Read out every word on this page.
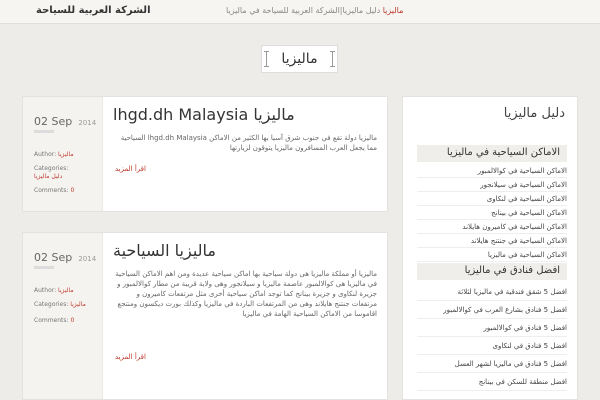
الشركة العربية للسياحة	ماليزيا دليل ماليزيا|الشركة العربية للسياحة في ماليزيا
ماليزيا
02 Sep 2014
Author: ماليزيا
Categories:
دليل ماليزيا
Comments: 0
lhgd.dh Malaysia ماليزيا
ماليزيا دولة تقع في جنوب شرق آسيا بها الكثير من الاماكن lhgd.dh Malaysia السياحية مما يجعل العرب المسافرون ماليزيا يتوقون لزيارتها
اقرأ المزيد
02 Sep 2014
Author: ماليزيا
Categories: ماليزيا
Comments: 0
ماليزيا السياحية
ماليزيا أو مملكة ماليزيا هى دولة سياحية بها اماكن سياحية عديدة ومن اهم الاماكن السياحية في ماليزيا هى كوالالمبور عاصمة ماليزيا و سيلانجور وهى ولاية قريبة من مطار كوالالمبور و جزيرة لنكاوى و جزيرة بينانج كما توجد اماكن سياحية أخرى مثل مرتفعات كاميرون و مرتفعات جنتنج هايلاند وهى من المرتفعات الباردة في ماليزيا وكذلك بورت ديكسون ومنتجع اقاموسا من الاماكن السياحية الهامة في ماليزيا
اقرأ المزيد
دليل ماليزيا
الاماكن السياحية في ماليزيا
الاماكن السياحية في كوالالمبور
الاماكن السياحية في سيلانجور
الاماكن السياحية في لنكاوى
الاماكن السياحية في بينانج
الاماكن السياحية في كاميرون هايلاند
الاماكن السياحية في جنتنج هايلاند
الاماكن السياحية في ماليزيا
افضل فنادق في ماليزيا
افضل 5 شقق فندقية في ماليزيا لثلاثة
افضل 5 فنادق بشارع العرب في كوالالمبور
افضل 5 فنادق في كوالالمبور
افضل 5 فنادق في لنكاوى
افضل 5 فنادق في ماليزيا لشهر العسل
افضل منطقة للسكن في بينانج
